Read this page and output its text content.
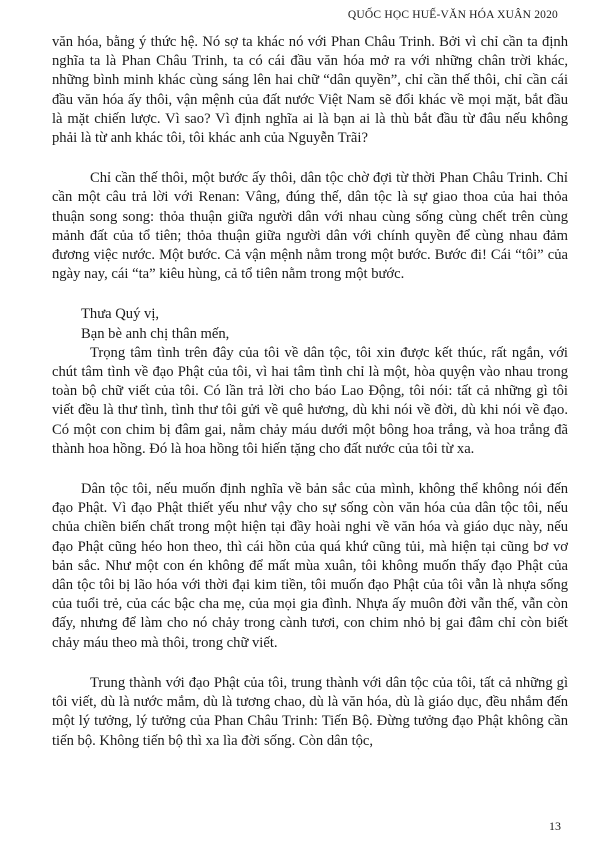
QUỐC HỌC HUẾ-VĂN HÓA XUÂN 2020

văn hóa, bằng ý thức hệ. Nó sợ ta khác nó với Phan Châu Trinh. Bởi vì chỉ cần ta định nghĩa ta là Phan Châu Trinh, ta có cái đầu văn hóa mở ra với những chân trời khác, những bình minh khác cùng sáng lên hai chữ “dân quyền”, chỉ cần thế thôi, chỉ cần cái đầu văn hóa ấy thôi, vận mệnh của đất nước Việt Nam sẽ đổi khác về mọi mặt, bắt đầu là mặt chiến lược. Vì sao? Vì định nghĩa ai là bạn ai là thù bắt đầu từ đâu nếu không phải là từ anh khác tôi, tôi khác anh của Nguyễn Trãi?

Chỉ cần thế thôi, một bước ấy thôi, dân tộc chờ đợi từ thời Phan Châu Trinh. Chỉ cần một câu trả lời với Renan: Vâng, đúng thế, dân tộc là sự giao thoa của hai thỏa thuận song song: thỏa thuận giữa người dân với nhau cùng sống cùng chết trên cùng mảnh đất của tổ tiên; thỏa thuận giữa người dân với chính quyền để cùng nhau đảm đương việc nước. Một bước. Cả vận mệnh nằm trong một bước. Bước đi! Cái “tôi” của ngày nay, cái “ta” kiêu hùng, cả tổ tiên nằm trong một bước.

Thưa Quý vị,

Bạn bè anh chị thân mến,

Trọng tâm tình trên đây của tôi về dân tộc, tôi xin được kết thúc, rất ngắn, với chút tâm tình về đạo Phật của tôi, vì hai tâm tình chỉ là một, hòa quyện vào nhau trong toàn bộ chữ viết của tôi. Có lần trả lời cho báo Lao Động, tôi nói: tất cả những gì tôi viết đều là thư tình, tình thư tôi gửi về quê hương, dù khi nói về đời, dù khi nói về đạo. Có một con chim bị đâm gai, nằm chảy máu dưới một bông hoa trắng, và hoa trắng đã thành hoa hồng. Đó là hoa hồng tôi hiến tặng cho đất nước của tôi từ xa.

Dân tộc tôi, nếu muốn định nghĩa về bản sắc của mình, không thể không nói đến đạo Phật. Vì đạo Phật thiết yếu như vậy cho sự sống còn văn hóa của dân tộc tôi, nếu chủa chiền biến chất trong một hiện tại đầy hoài nghi về văn hóa và giáo dục này, nếu đạo Phật cũng héo hon theo, thì cái hồn của quá khứ cũng tủi, mà hiện tại cũng bơ vơ bản sắc. Như một con én không để mất mùa xuân, tôi không muốn thấy đạo Phật của dân tộc tôi bị lão hóa với thời đại kim tiền, tôi muốn đạo Phật của tôi vẫn là nhựa sống của tuổi trẻ, của các bậc cha mẹ, của mọi gia đình. Nhựa ấy muôn đời vẫn thế, vẫn còn đấy, nhưng để làm cho nó chảy trong cành tươi, con chim nhỏ bị gai đâm chỉ còn biết chảy máu theo mà thôi, trong chữ viết.

Trung thành với đạo Phật của tôi, trung thành với dân tộc của tôi, tất cả những gì tôi viết, dù là nước mắm, dù là tương chao, dù là văn hóa, dù là giáo dục, đều nhắm đến một lý tưởng, lý tưởng của Phan Châu Trinh: Tiến Bộ. Đừng tưởng đạo Phật không cần tiến bộ. Không tiến bộ thì xa lìa đời sống. Còn dân tộc,

13
